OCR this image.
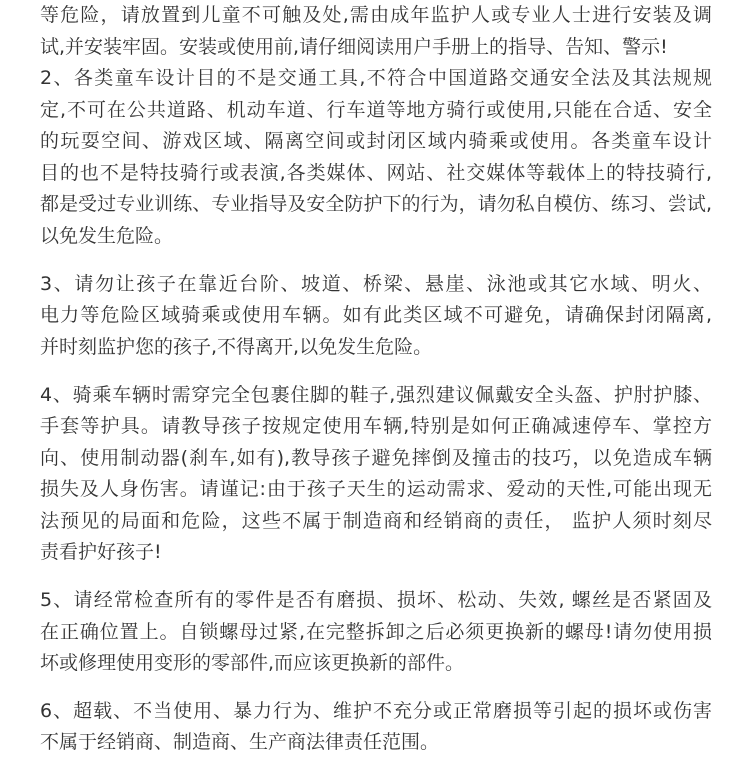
等危险，请放置到儿童不可触及处,需由成年监护人或专业人士进行安装及调
试,并安装牢固。安装或使用前,请仔细阅读用户手册上的指导、告知、警示!
2、各类童车设计目的不是交通工具,不符合中国道路交通安全法及其法规规
定,不可在公共道路、机动车道、行车道等地方骑行或使用,只能在合适、安全
的玩耍空间、游戏区域、隔离空间或封闭区域内骑乘或使用。各类童车设计
目的也不是特技骑行或表演,各类媒体、网站、社交媒体等载体上的特技骑行,
都是受过专业训练、专业指导及安全防护下的行为，请勿私自模仿、练习、尝试,
以免发生危险。
3、请勿让孩子在靠近台阶、坡道、桥梁、悬崖、泳池或其它水域、明火、
电力等危险区域骑乘或使用车辆。如有此类区域不可避免，请确保封闭隔离,
并时刻监护您的孩子,不得离开,以免发生危险。
4、骑乘车辆时需穿完全包裹住脚的鞋子,强烈建议佩戴安全头盔、护肘护膝、
手套等护具。请教导孩子按规定使用车辆,特别是如何正确减速停车、掌控方
向、使用制动器(刹车,如有),教导孩子避免摔倒及撞击的技巧，以免造成车辆
损失及人身伤害。请谨记:由于孩子天生的运动需求、爱动的天性,可能出现无
法预见的局面和危险，这些不属于制造商和经销商的责任， 监护人须时刻尽
责看护好孩子!
5、请经常检查所有的零件是否有磨损、损坏、松动、失效, 螺丝是否紧固及
在正确位置上。自锁螺母过紧,在完整拆卸之后必须更换新的螺母!请勿使用损
坏或修理使用变形的零部件,而应该更换新的部件。
6、超载、不当使用、暴力行为、维护不充分或正常磨损等引起的损坏或伤害
不属于经销商、制造商、生产商法律责任范围。
